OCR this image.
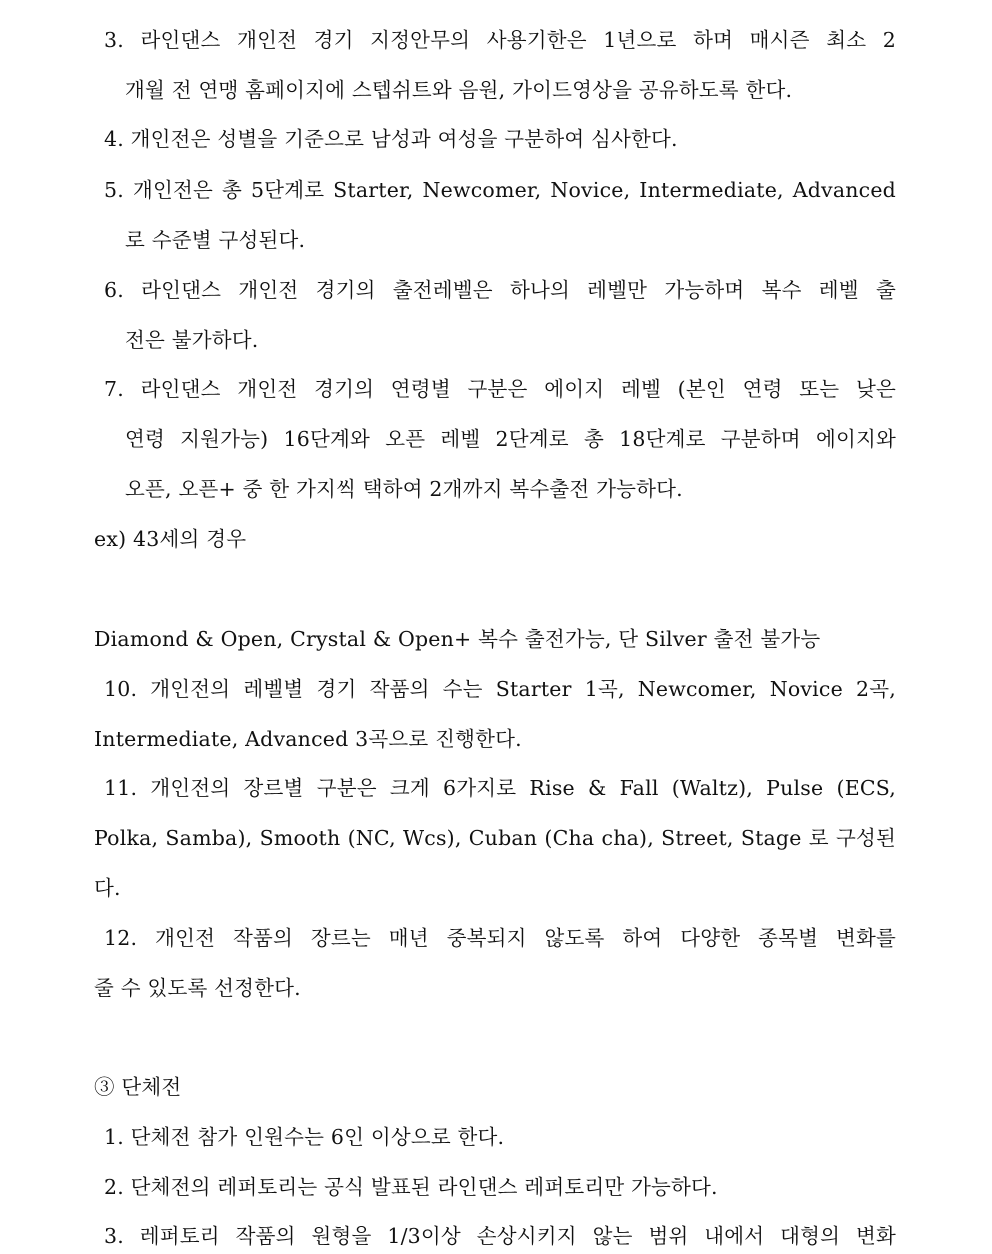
3. 라인댄스 개인전 경기 지정안무의 사용기한은 1년으로 하며 매시즌 최소 2
개월 전 연맹 홈페이지에 스텝쉬트와 음원, 가이드영상을 공유하도록 한다.
4. 개인전은 성별을 기준으로 남성과 여성을 구분하여 심사한다.
5. 개인전은 총 5단계로 Starter, Newcomer, Novice, Intermediate, Advanced
로 수준별 구성된다.
6. 라인댄스 개인전 경기의 출전레벨은 하나의 레벨만 가능하며 복수 레벨 출
전은 불가하다.
7. 라인댄스 개인전 경기의 연령별 구분은 에이지 레벨 (본인 연령 또는 낮은
연령 지원가능) 16단계와 오픈 레벨 2단계로 총 18단계로 구분하며 에이지와
오픈, 오픈+ 중 한 가지씩 택하여 2개까지 복수출전 가능하다.
ex) 43세의 경우
Diamond & Open, Crystal & Open+ 복수 출전가능, 단 Silver 출전 불가능
10. 개인전의 레벨별 경기 작품의 수는 Starter 1곡, Newcomer, Novice 2곡,
Intermediate, Advanced 3곡으로 진행한다.
11. 개인전의 장르별 구분은 크게 6가지로 Rise & Fall (Waltz), Pulse (ECS,
Polka, Samba), Smooth (NC, Wcs), Cuban (Cha cha), Street, Stage 로 구성된
다.
12. 개인전 작품의 장르는 매년 중복되지 않도록 하여 다양한 종목별 변화를
줄 수 있도록 선정한다.
③ 단체전
1. 단체전 참가 인원수는 6인 이상으로 한다.
2. 단체전의 레퍼토리는 공식 발표된 라인댄스 레퍼토리만 가능하다.
3. 레퍼토리 작품의 원형을 1/3이상 손상시키지 않는 범위 내에서 대형의 변화
